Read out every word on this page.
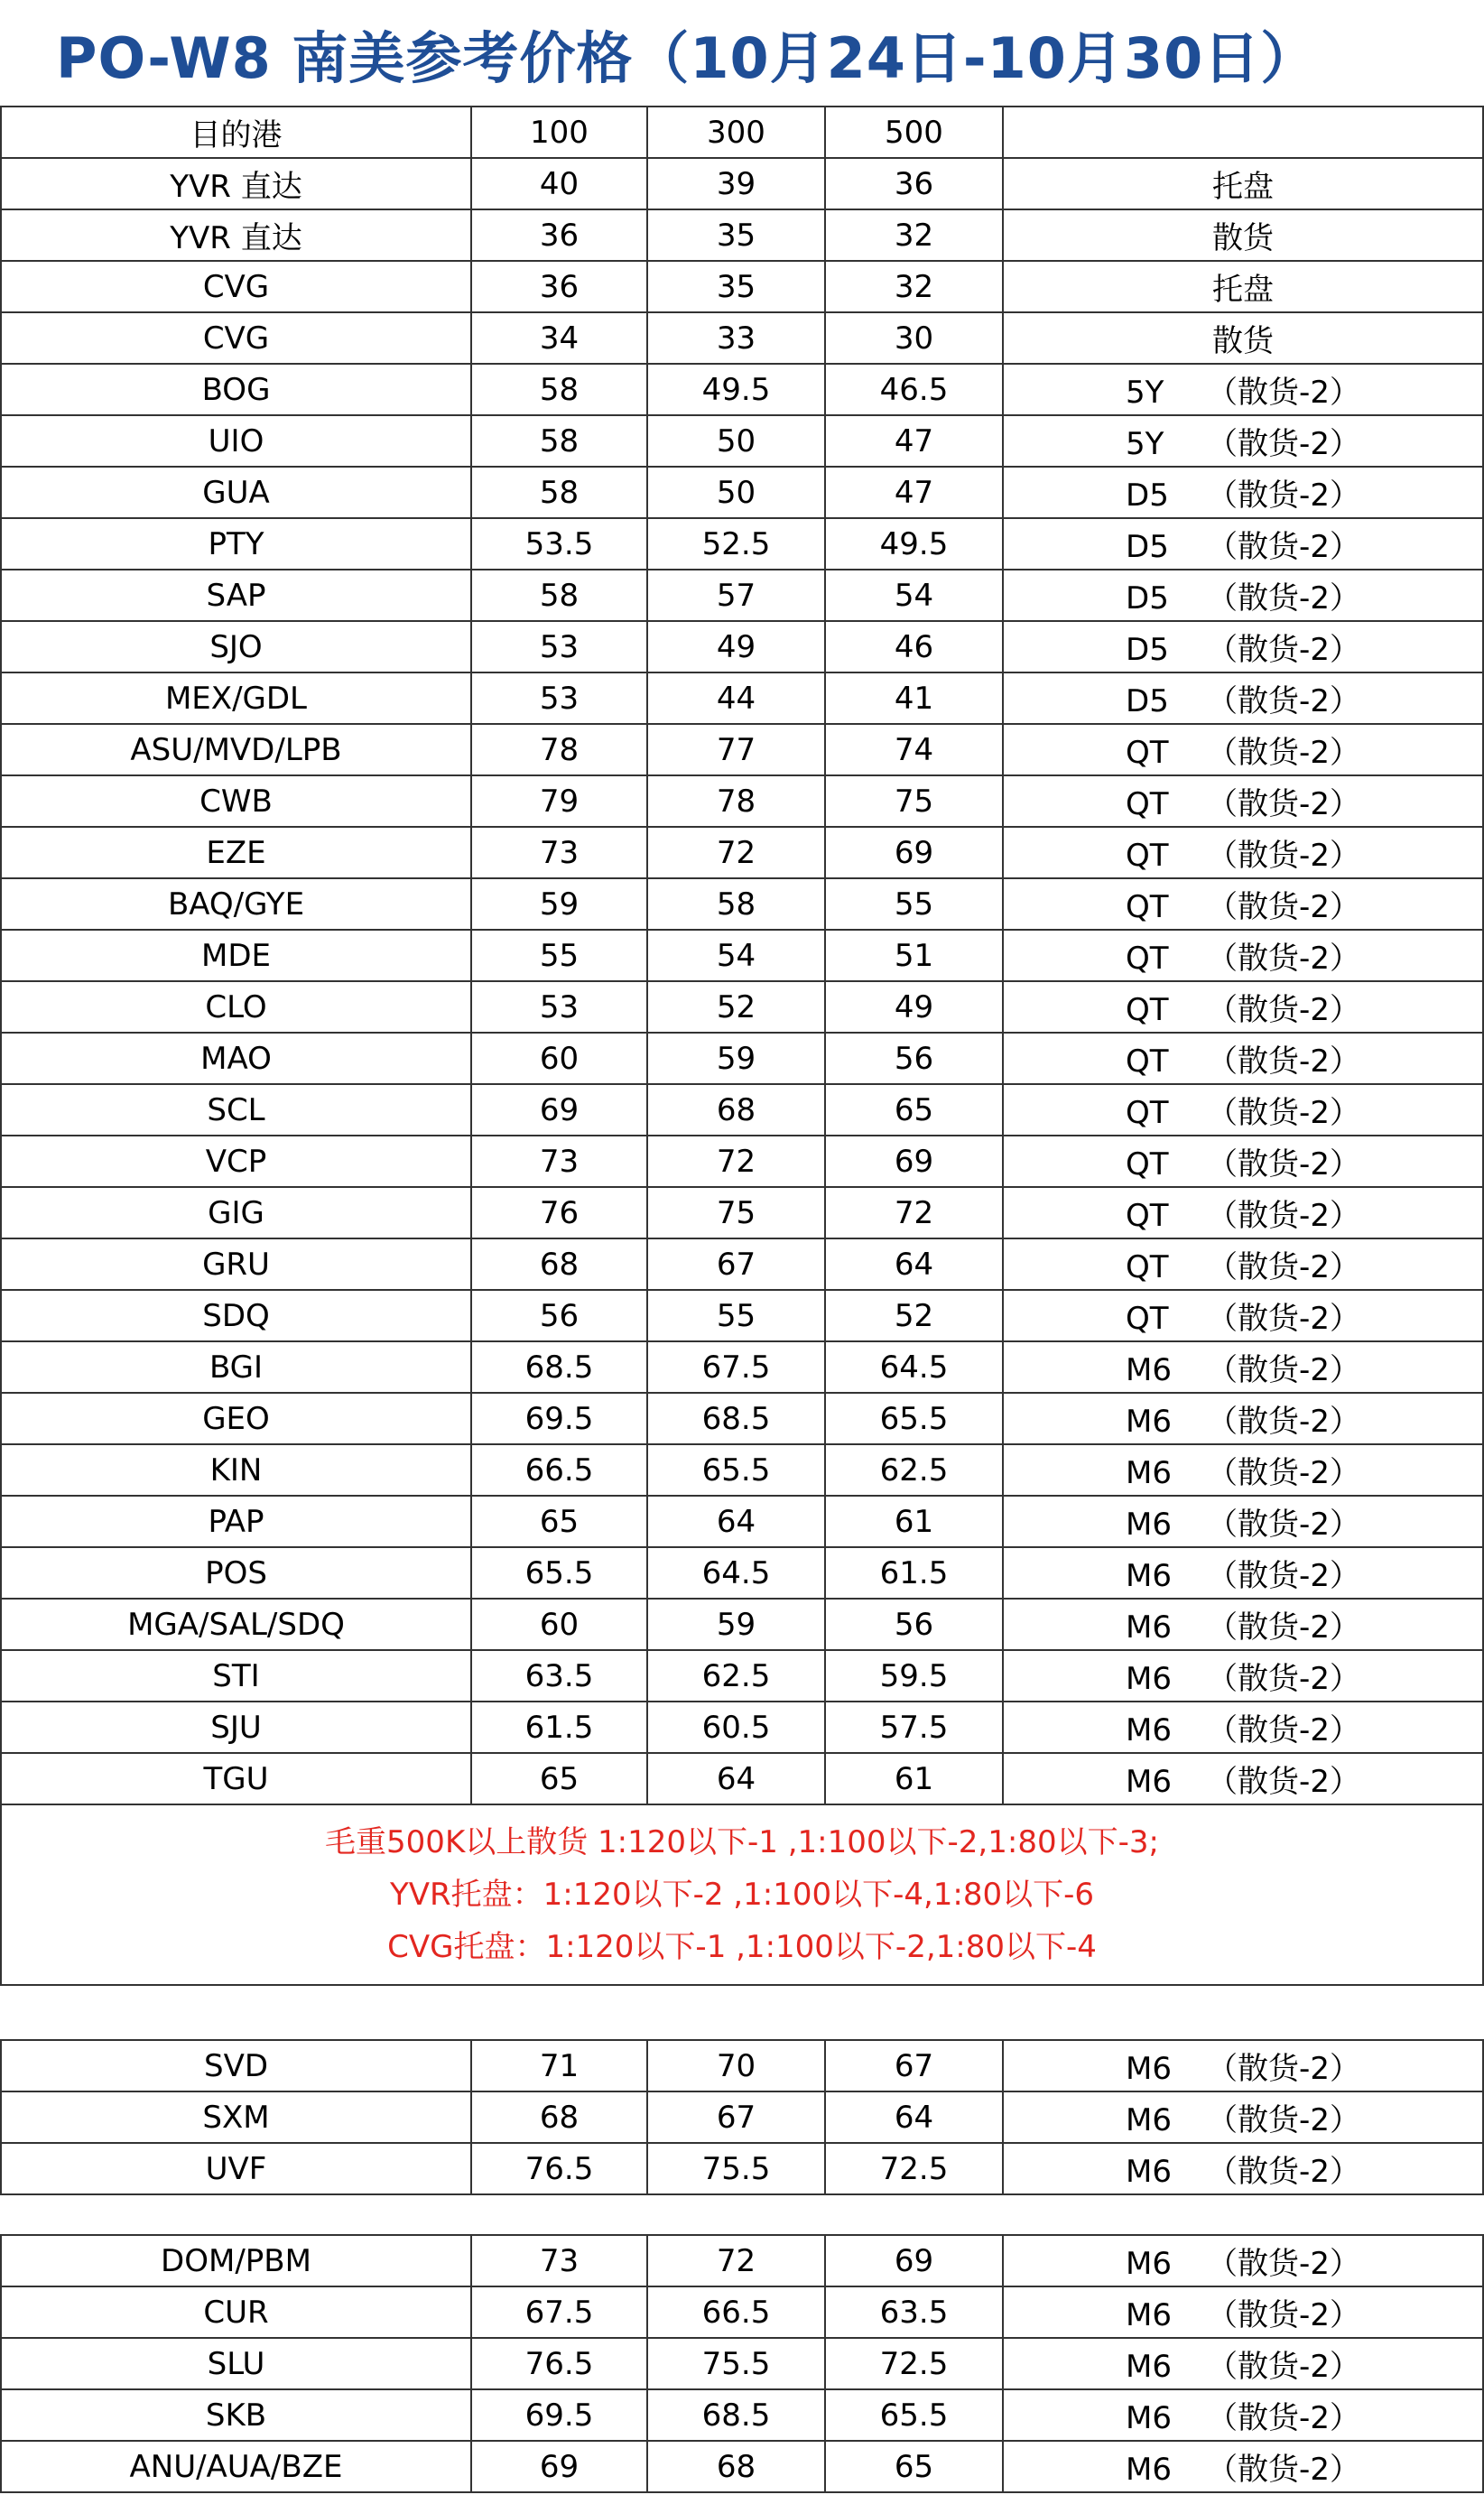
PO-W8 南美参考价格（10月24日-10月30日）
目的港	100	300	500	
YVR 直达	40	39	36	托盘
YVR 直达	36	35	32	散货
CVG	36	35	32	托盘
CVG	34	33	30	散货
BOG	58	49.5	46.5	5Y （散货-2）
UIO	58	50	47	5Y （散货-2）
GUA	58	50	47	D5 （散货-2）
PTY	53.5	52.5	49.5	D5 （散货-2）
SAP	58	57	54	D5 （散货-2）
SJO	53	49	46	D5 （散货-2）
MEX/GDL	53	44	41	D5 （散货-2）
ASU/MVD/LPB	78	77	74	QT （散货-2）
CWB	79	78	75	QT （散货-2）
EZE	73	72	69	QT （散货-2）
BAQ/GYE	59	58	55	QT （散货-2）
MDE	55	54	51	QT （散货-2）
CLO	53	52	49	QT （散货-2）
MAO	60	59	56	QT （散货-2）
SCL	69	68	65	QT （散货-2）
VCP	73	72	69	QT （散货-2）
GIG	76	75	72	QT （散货-2）
GRU	68	67	64	QT （散货-2）
SDQ	56	55	52	QT （散货-2）
BGI	68.5	67.5	64.5	M6 （散货-2）
GEO	69.5	68.5	65.5	M6 （散货-2）
KIN	66.5	65.5	62.5	M6 （散货-2）
PAP	65	64	61	M6 （散货-2）
POS	65.5	64.5	61.5	M6 （散货-2）
MGA/SAL/SDQ	60	59	56	M6 （散货-2）
STI	63.5	62.5	59.5	M6 （散货-2）
SJU	61.5	60.5	57.5	M6 （散货-2）
TGU	65	64	61	M6 （散货-2）

毛重500K以上散货 1:120以下-1 ,1:100以下-2,1:80以下-3;
YVR托盘：1:120以下-2 ,1:100以下-4,1:80以下-6
CVG托盘：1:120以下-1 ,1:100以下-2,1:80以下-4				
SVD	71	70	67	M6 （散货-2）
SXM	68	67	64	M6 （散货-2）
UVF	76.5	75.5	72.5	M6 （散货-2）
DOM/PBM	73	72	69	M6 （散货-2）
CUR	67.5	66.5	63.5	M6 （散货-2）
SLU	76.5	75.5	72.5	M6 （散货-2）
SKB	69.5	68.5	65.5	M6 （散货-2）
ANU/AUA/BZE	69	68	65	M6 （散货-2）
